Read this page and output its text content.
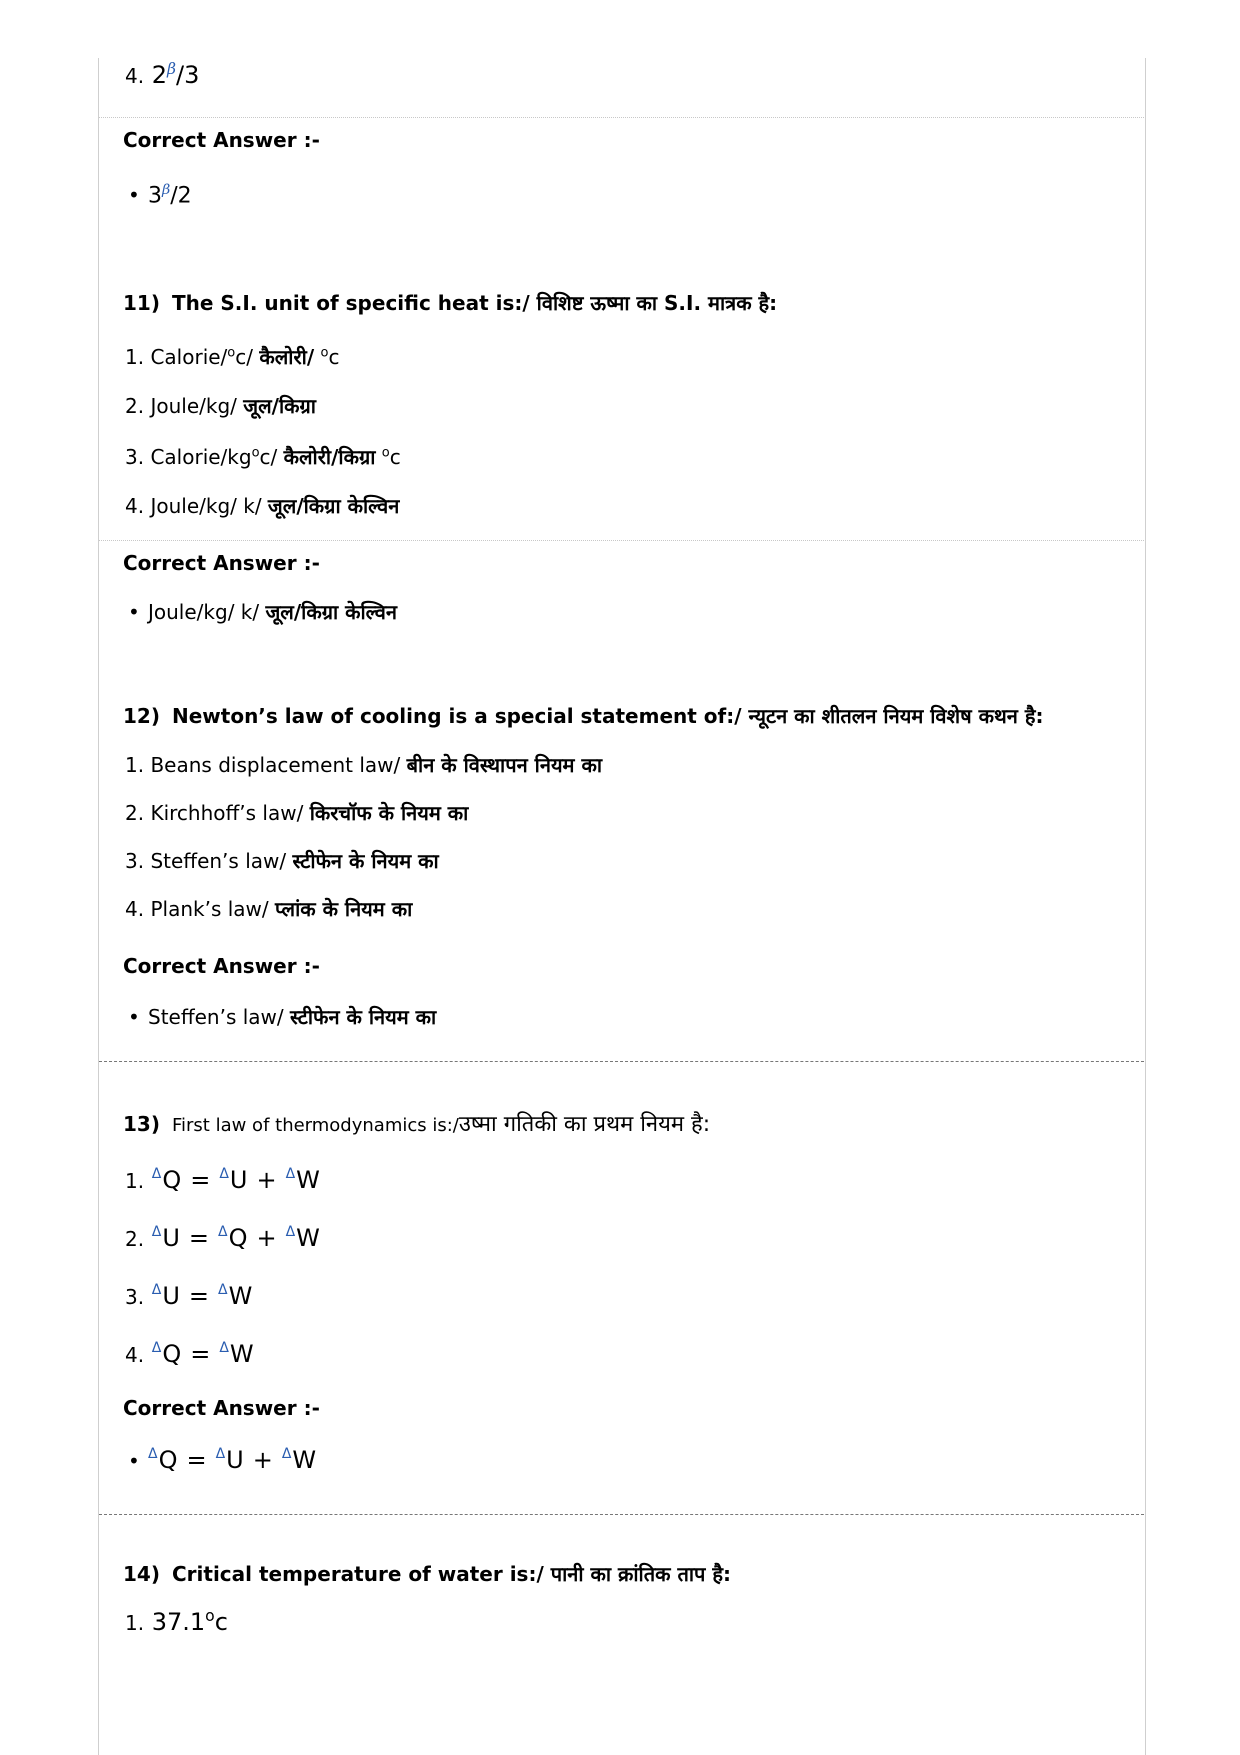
4. $2^\beta/3$
Correct Answer :-
• $3^\beta/2$
11) The S.I. unit of specific heat is:/ विशिष्ट ऊष्मा का S.I. मात्रक है:
1. Calorie/$^o$c/ कैलोरी/ $^o$c
2. Joule/kg/ जूल/किग्रा
3. Calorie/$kg^oc/$ कैलोरी/किग्रा $^o$c
4. Joule/kg/ k/ जूल/किग्रा केल्विन
Correct Answer :-
• Joule/kg/ k/ जूल/किग्रा केल्विन
12) Newton’s law of cooling is a special statement of:/ न्यूटन का शीतलन नियम विशेष कथन है:
1. Beans displacement law/ बीन के विस्थापन नियम का
2. Kirchhoff’s law/ किरचॉफ के नियम का
3. Steffen’s law/ स्टीफेन के नियम का
4. Plank’s law/ प्लांक के नियम का
Correct Answer :-
• Steffen’s law/ स्टीफेन के नियम का
13) First law of thermodynamics is:/उष्मा गतिकी का प्रथम नियम है:
1. $^\Delta$Q = $^\Delta$U + $^\Delta$W
2. $^\Delta$U = $^\Delta$Q + $^\Delta$W
3. $^\Delta$U = $^\Delta$W
4. $^\Delta$Q = $^\Delta$W
Correct Answer :-
• $^\Delta$Q = $^\Delta$U + $^\Delta$W
14) Critical temperature of water is:/ पानी का क्रांतिक ताप है:
1. 37.1$^o$c
